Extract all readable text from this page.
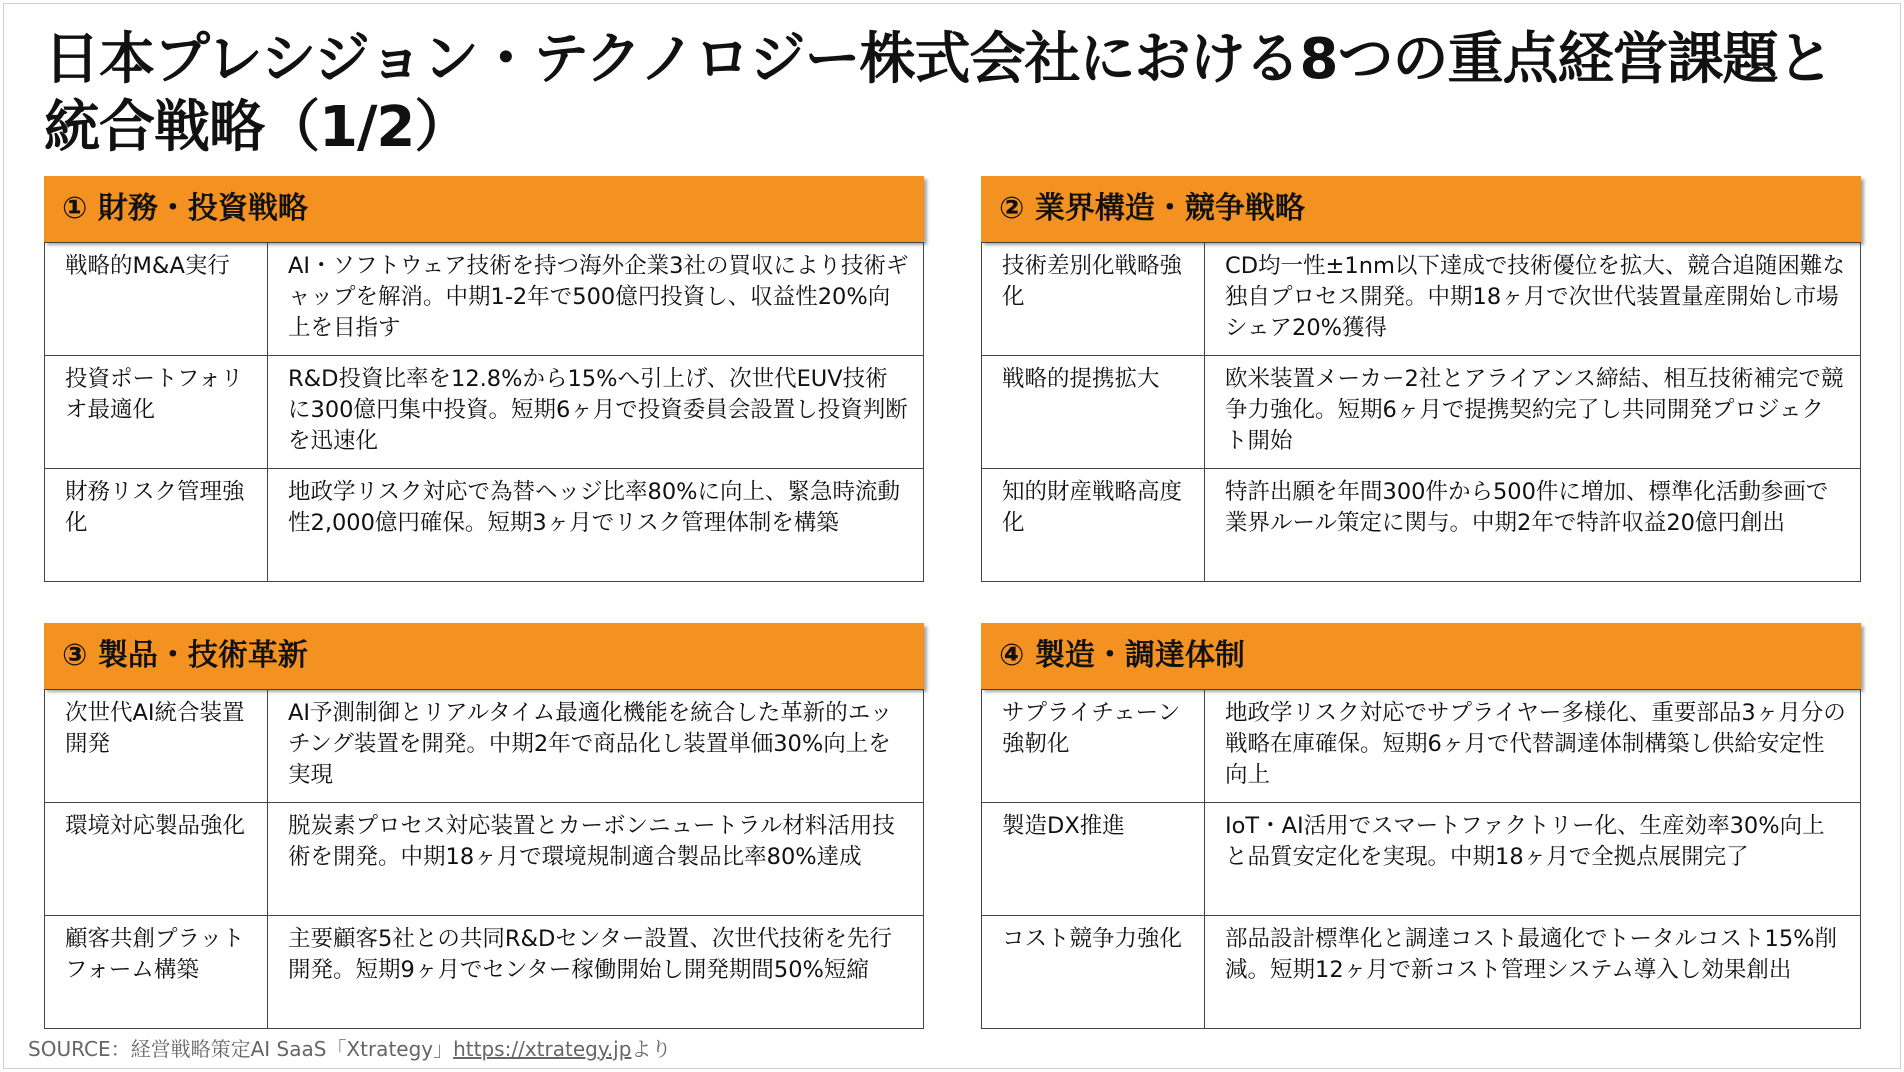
日本プレシジョン・テクノロジー株式会社における8つの重点経営課題と統合戦略（1/2）
① 財務・投資戦略
戦略的M&A実行	AI・ソフトウェア技術を持つ海外企業3社の買収により技術ギャップを解消。中期1-2年で500億円投資し、収益性20%向上を目指す
投資ポートフォリオ最適化	R&D投資比率を12.8%から15%へ引上げ、次世代EUV技術に300億円集中投資。短期6ヶ月で投資委員会設置し投資判断を迅速化
財務リスク管理強化	地政学リスク対応で為替ヘッジ比率80%に向上、緊急時流動性2,000億円確保。短期3ヶ月でリスク管理体制を構築
② 業界構造・競争戦略
技術差別化戦略強化	CD均一性±1nm以下達成で技術優位を拡大、競合追随困難な独自プロセス開発。中期18ヶ月で次世代装置量産開始し市場シェア20%獲得
戦略的提携拡大	欧米装置メーカー2社とアライアンス締結、相互技術補完で競争力強化。短期6ヶ月で提携契約完了し共同開発プロジェクト開始
知的財産戦略高度化	特許出願を年間300件から500件に増加、標準化活動参画で業界ルール策定に関与。中期2年で特許収益20億円創出
③ 製品・技術革新
次世代AI統合装置開発	AI予測制御とリアルタイム最適化機能を統合した革新的エッチング装置を開発。中期2年で商品化し装置単価30%向上を実現
環境対応製品強化	脱炭素プロセス対応装置とカーボンニュートラル材料活用技術を開発。中期18ヶ月で環境規制適合製品比率80%達成
顧客共創プラットフォーム構築	主要顧客5社との共同R&Dセンター設置、次世代技術を先行開発。短期9ヶ月でセンター稼働開始し開発期間50%短縮
④ 製造・調達体制
サプライチェーン強靭化	地政学リスク対応でサプライヤー多様化、重要部品3ヶ月分の戦略在庫確保。短期6ヶ月で代替調達体制構築し供給安定性向上
製造DX推進	IoT・AI活用でスマートファクトリー化、生産効率30%向上と品質安定化を実現。中期18ヶ月で全拠点展開完了
コスト競争力強化	部品設計標準化と調達コスト最適化でトータルコスト15%削減。短期12ヶ月で新コスト管理システム導入し効果創出
SOURCE：経営戦略策定AI SaaS「Xtrategy」https://xtrategy.jpより
